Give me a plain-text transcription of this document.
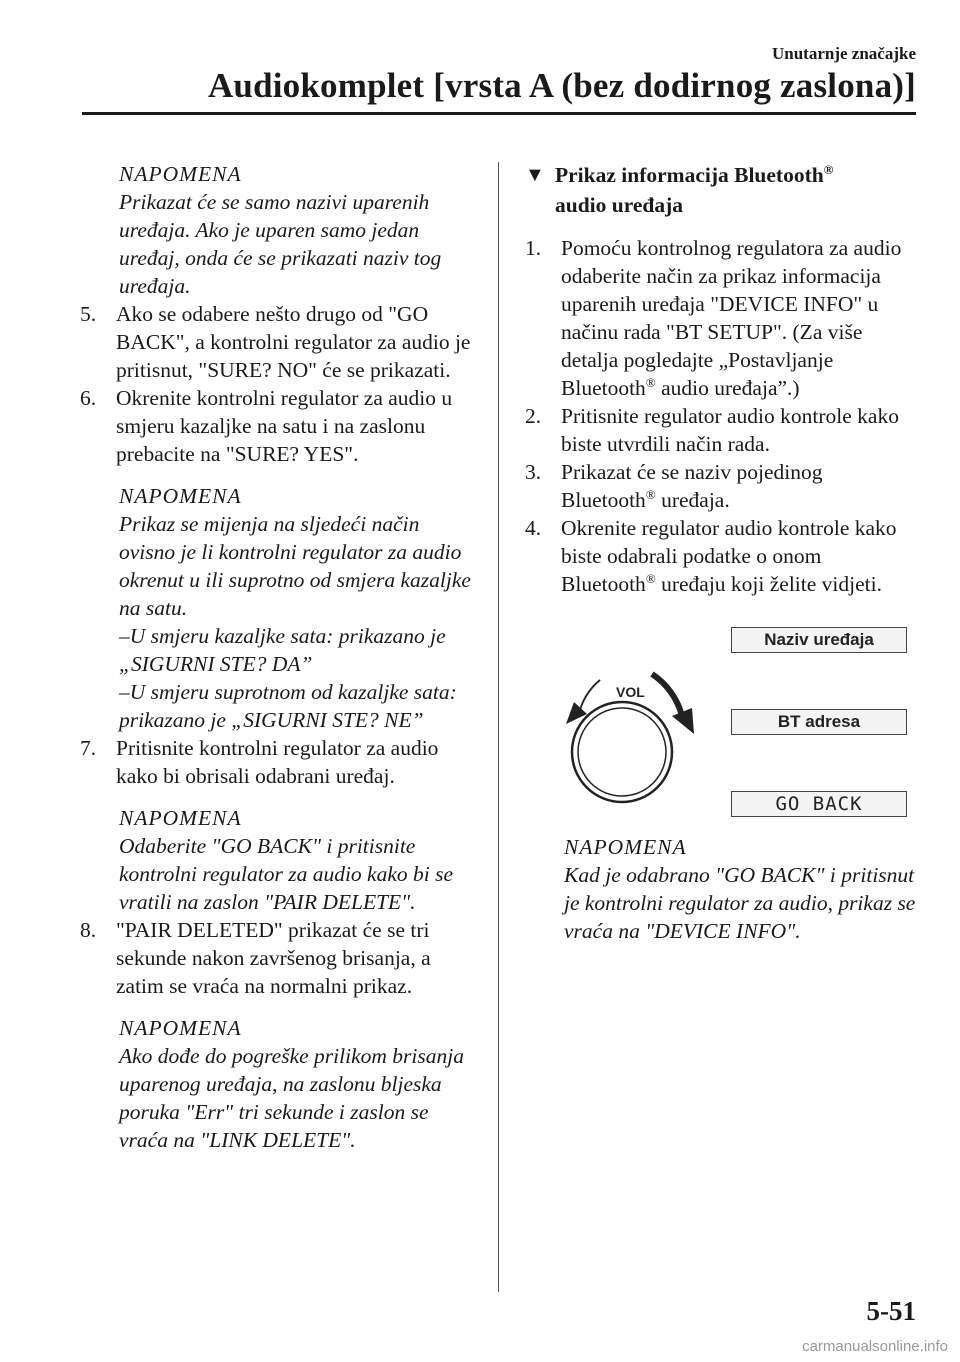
Unutarnje značajke
Audiokomplet [vrsta A (bez dodirnog zaslona)]
NAPOMENA
Prikazat će se samo nazivi uparenih uređaja. Ako je uparen samo jedan uređaj, onda će se prikazati naziv tog uređaja.
5. Ako se odabere nešto drugo od "GO BACK", a kontrolni regulator za audio je pritisnut, "SURE? NO" će se prikazati.
6. Okrenite kontrolni regulator za audio u smjeru kazaljke na satu i na zaslonu prebacite na "SURE? YES".
NAPOMENA
Prikaz se mijenja na sljedeći način ovisno je li kontrolni regulator za audio okrenut u ili suprotno od smjera kazaljke na satu.
–U smjeru kazaljke sata: prikazano je „SIGURNI STE? DA”
–U smjeru suprotnom od kazaljke sata: prikazano je „SIGURNI STE? NE”
7. Pritisnite kontrolni regulator za audio kako bi obrisali odabrani uređaj.
NAPOMENA
Odaberite "GO BACK" i pritisnite kontrolni regulator za audio kako bi se vratili na zaslon "PAIR DELETE".
8. "PAIR DELETED" prikazat će se tri sekunde nakon završenog brisanja, a zatim se vraća na normalni prikaz.
NAPOMENA
Ako dođe do pogreške prilikom brisanja uparenog uređaja, na zaslonu bljeska poruka "Err" tri sekunde i zaslon se vraća na "LINK DELETE".
▼ Prikaz informacija Bluetooth®
audio uređaja
1. Pomoću kontrolnog regulatora za audio odaberite način za prikaz informacija uparenih uređaja "DEVICE INFO" u načinu rada "BT SETUP". (Za više detalja pogledajte „Postavljanje Bluetooth® audio uređaja”.)
2. Pritisnite regulator audio kontrole kako biste utvrdili način rada.
3. Prikazat će se naziv pojedinog Bluetooth® uređaja.
4. Okrenite regulator audio kontrole kako biste odabrali podatke o onom Bluetooth® uređaju koji želite vidjeti.
VOL
Naziv uređaja
BT adresa
GO BACK
NAPOMENA
Kad je odabrano "GO BACK" i pritisnut je kontrolni regulator za audio, prikaz se vraća na "DEVICE INFO".
5-51
carmanualsonline.info
